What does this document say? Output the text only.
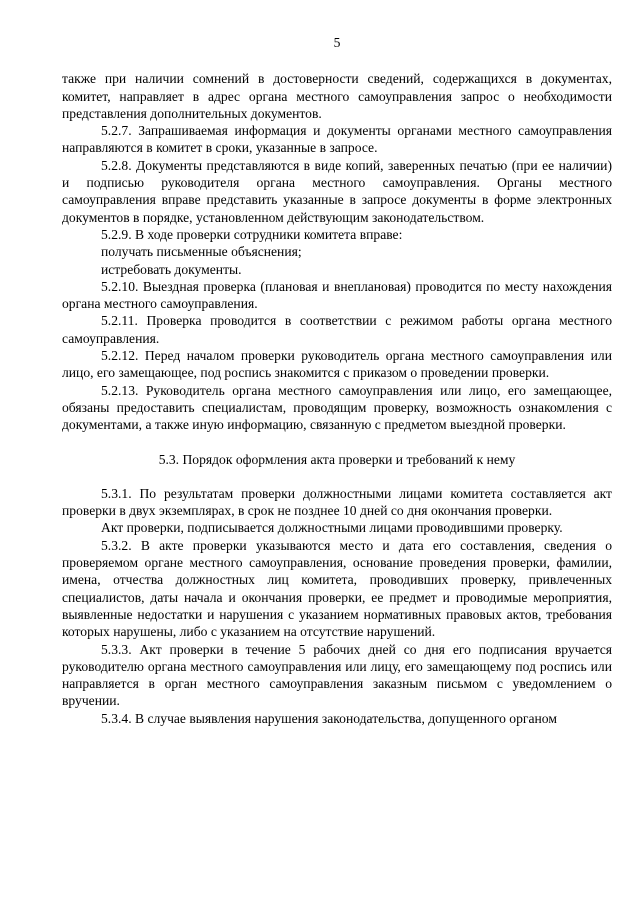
5

также при наличии сомнений в достоверности сведений, содержащихся в документах, комитет, направляет в адрес органа местного самоуправления запрос о необходимости представления дополнительных документов.

5.2.7. Запрашиваемая информация и документы органами местного самоуправления направляются в комитет в сроки, указанные в запросе.

5.2.8. Документы представляются в виде копий, заверенных печатью (при ее наличии) и подписью руководителя органа местного самоуправления. Органы местного самоуправления вправе представить указанные в запросе документы в форме электронных документов в порядке, установленном действующим законодательством.

5.2.9. В ходе проверки сотрудники комитета вправе:

получать письменные объяснения;

истребовать документы.

5.2.10. Выездная проверка (плановая и внеплановая) проводится по месту нахождения органа местного самоуправления.

5.2.11. Проверка проводится в соответствии с режимом работы органа местного самоуправления.

5.2.12. Перед началом проверки руководитель органа местного самоуправления или лицо, его замещающее, под роспись знакомится с приказом о проведении проверки.

5.2.13. Руководитель органа местного самоуправления или лицо, его замещающее, обязаны предоставить специалистам, проводящим проверку, возможность ознакомления с документами, а также иную информацию, связанную с предметом выездной проверки.

5.3. Порядок оформления акта проверки и требований к нему

5.3.1. По результатам проверки должностными лицами комитета составляется акт проверки в двух экземплярах, в срок не позднее 10 дней со дня окончания проверки.

Акт проверки, подписывается должностными лицами проводившими проверку.

5.3.2. В акте проверки указываются место и дата его составления, сведения о проверяемом органе местного самоуправления, основание проведения проверки, фамилии, имена, отчества должностных лиц комитета, проводивших проверку, привлеченных специалистов, даты начала и окончания проверки, ее предмет и проводимые мероприятия, выявленные недостатки и нарушения с указанием нормативных правовых актов, требования которых нарушены, либо с указанием на отсутствие нарушений.

5.3.3. Акт проверки в течение 5 рабочих дней со дня его подписания вручается руководителю органа местного самоуправления или лицу, его замещающему под роспись или направляется в орган местного самоуправления заказным письмом с уведомлением о вручении.

5.3.4. В случае выявления нарушения законодательства, допущенного органом
